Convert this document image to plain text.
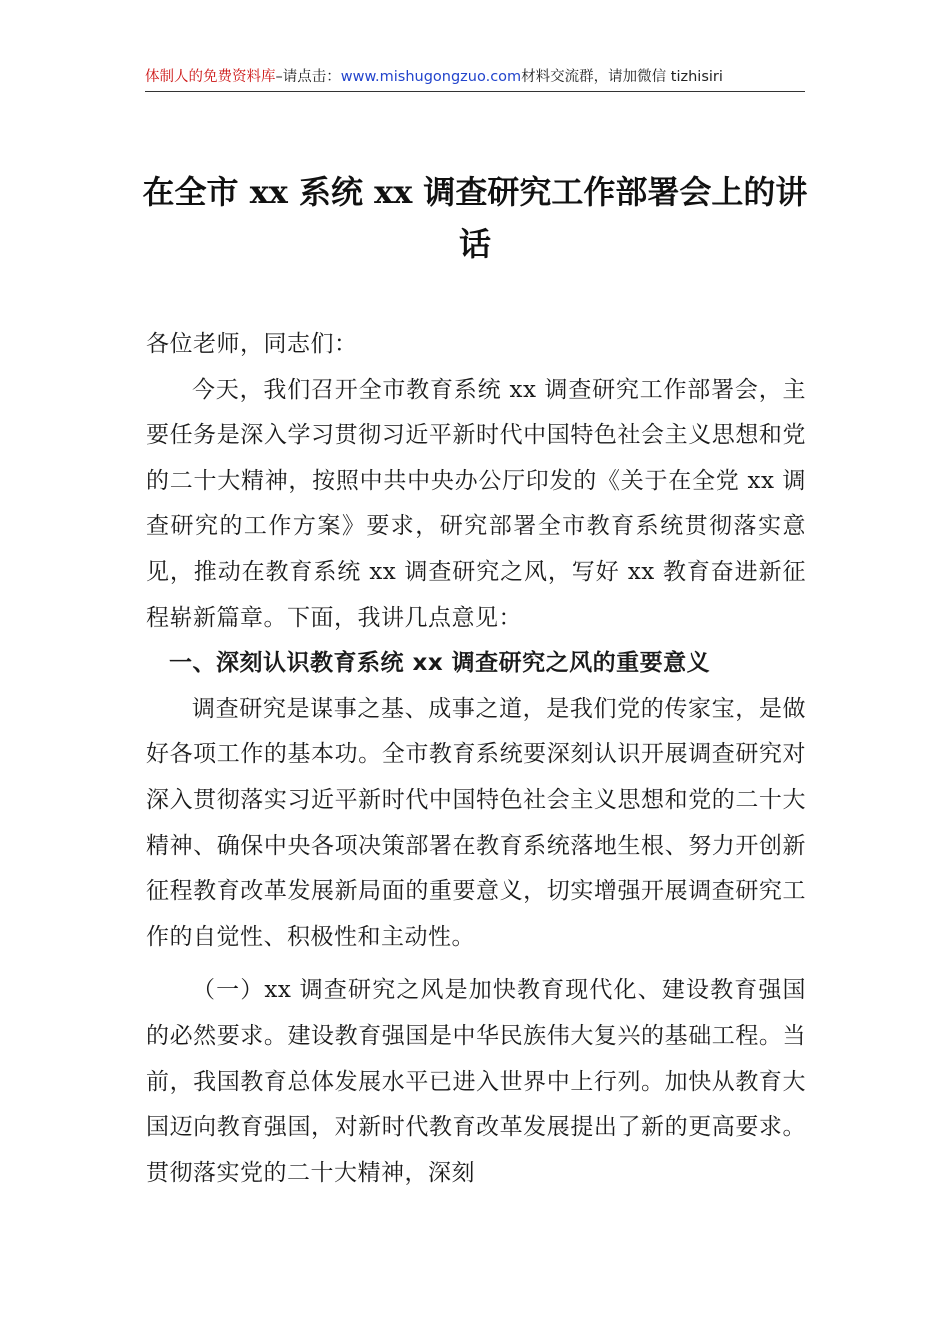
体制人的免费资料库–请点击：www.mishugongzuo.com材料交流群，请加微信 tizhisiri
在全市 xx 系统 xx 调查研究工作部署会上的讲话

各位老师，同志们：

今天，我们召开全市教育系统 xx 调查研究工作部署会，主要任务是深入学习贯彻习近平新时代中国特色社会主义思想和党的二十大精神，按照中共中央办公厅印发的《关于在全党 xx 调查研究的工作方案》要求，研究部署全市教育系统贯彻落实意见，推动在教育系统 xx 调查研究之风，写好 xx 教育奋进新征程崭新篇章。下面，我讲几点意见：

一、深刻认识教育系统 xx 调查研究之风的重要意义

调查研究是谋事之基、成事之道，是我们党的传家宝，是做好各项工作的基本功。全市教育系统要深刻认识开展调查研究对深入贯彻落实习近平新时代中国特色社会主义思想和党的二十大精神、确保中央各项决策部署在教育系统落地生根、努力开创新征程教育改革发展新局面的重要意义，切实增强开展调查研究工作的自觉性、积极性和主动性。

（一）xx 调查研究之风是加快教育现代化、建设教育强国的必然要求。建设教育强国是中华民族伟大复兴的基础工程。当前，我国教育总体发展水平已进入世界中上行列。加快从教育大国迈向教育强国，对新时代教育改革发展提出了新的更高要求。贯彻落实党的二十大精神，深刻
